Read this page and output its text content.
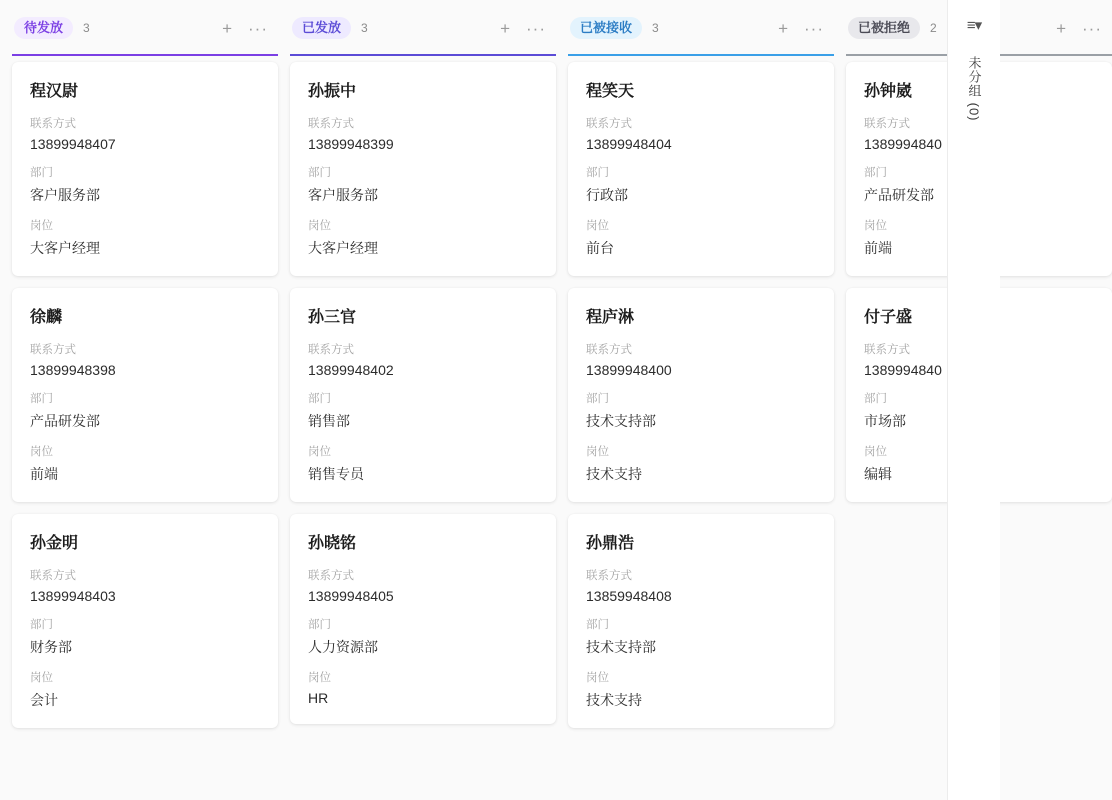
待发放	3	+ ···
程汉尉
联系方式
13899948407
部门
客户服务部
岗位
大客户经理
徐麟
联系方式
13899948398
部门
产品研发部
岗位
前端
孙金明
联系方式
13899948403
部门
财务部
岗位
会计
已发放	3	+ ···
孙振中
联系方式
13899948399
部门
客户服务部
岗位
大客户经理
孙三官
联系方式
13899948402
部门
销售部
岗位
销售专员
孙晓铭
联系方式
13899948405
部门
人力资源部
岗位
HR
已被接收	3	+ ···
程笑天
联系方式
13899948404
部门
行政部
岗位
前台
程庐淋
联系方式
13899948400
部门
技术支持部
岗位
技术支持
孙鼎浩
联系方式
13859948408
部门
技术支持部
岗位
技术支持
已被拒绝	2	+ ···
孙钟崴
联系方式
1389994840
部门
产品研发部
岗位
前端
付子盛
联系方式
1389994840
部门
市场部
岗位
编辑
≡▾
未分组 (0)
